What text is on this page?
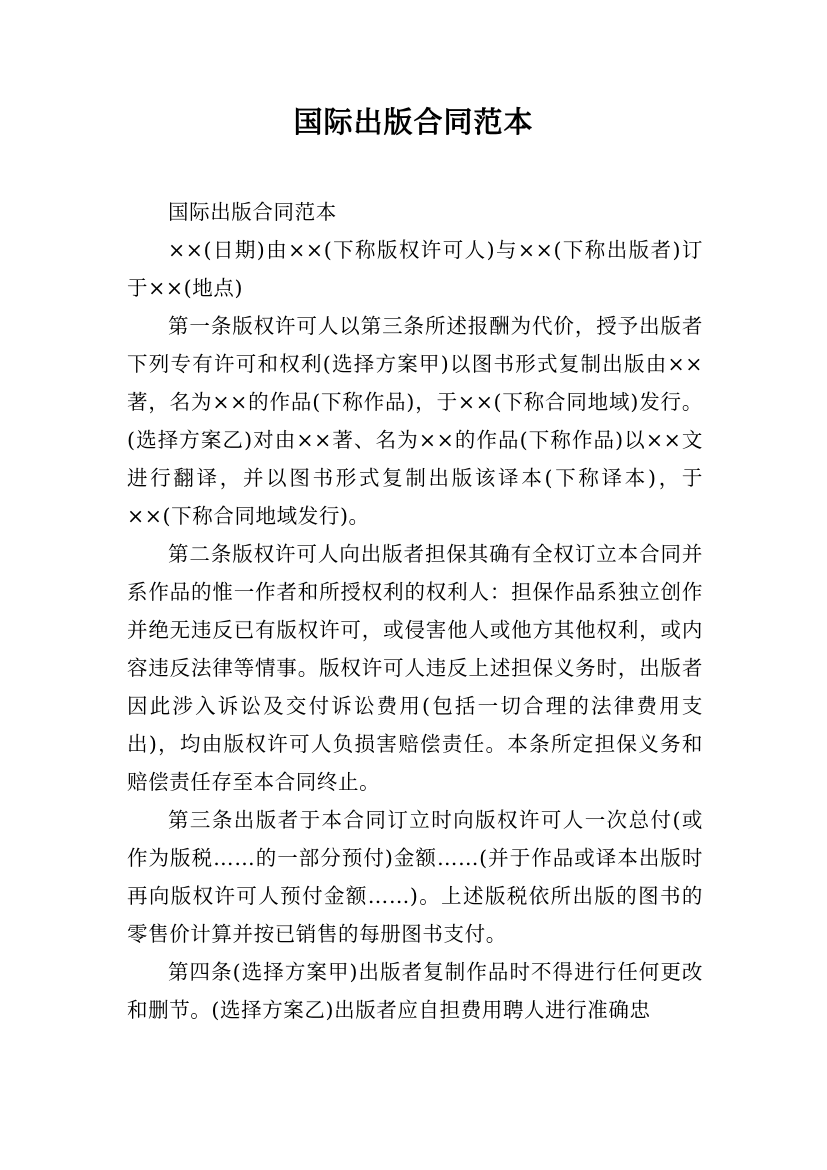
国际出版合同范本

国际出版合同范本

××(日期)由××(下称版权许可人)与××(下称出版者)订于××(地点)

第一条版权许可人以第三条所述报酬为代价，授予出版者下列专有许可和权利(选择方案甲)以图书形式复制出版由××著，名为××的作品(下称作品)，于××(下称合同地域)发行。(选择方案乙)对由××著、名为××的作品(下称作品)以××文进行翻译，并以图书形式复制出版该译本(下称译本)，于××(下称合同地域发行)。

第二条版权许可人向出版者担保其确有全权订立本合同并系作品的惟一作者和所授权利的权利人：担保作品系独立创作并绝无违反已有版权许可，或侵害他人或他方其他权利，或内容违反法律等情事。版权许可人违反上述担保义务时，出版者因此涉入诉讼及交付诉讼费用(包括一切合理的法律费用支出)，均由版权许可人负损害赔偿责任。本条所定担保义务和赔偿责任存至本合同终止。

第三条出版者于本合同订立时向版权许可人一次总付(或作为版税……的一部分预付)金额……(并于作品或译本出版时再向版权许可人预付金额……)。上述版税依所出版的图书的零售价计算并按已销售的每册图书支付。

第四条(选择方案甲)出版者复制作品时不得进行任何更改和删节。(选择方案乙)出版者应自担费用聘人进行准确忠
